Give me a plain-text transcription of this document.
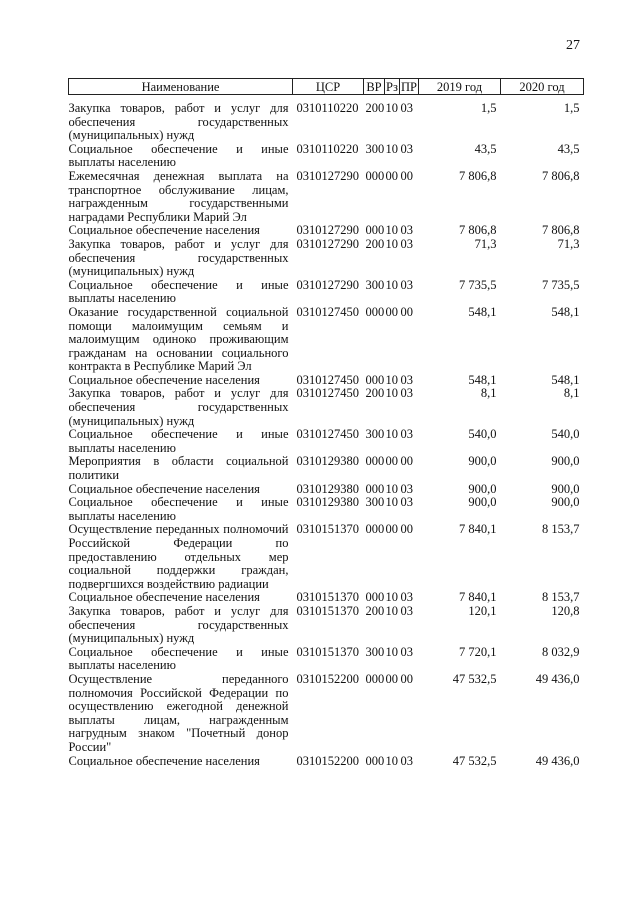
27
Наименование	ЦСР	ВР	Рз	ПР	2019 год	2020 год
Закупка товаров, работ и услуг для обеспечения государственных (муниципальных) нужд	0310110220	200	10	03	1,5	1,5
Социальное обеспечение и иные выплаты населению	0310110220	300	10	03	43,5	43,5
Ежемесячная денежная выплата на транспортное обслуживание лицам, награжденным государственными наградами Республики Марий Эл	0310127290	000	00	00	7 806,8	7 806,8
Социальное обеспечение населения	0310127290	000	10	03	7 806,8	7 806,8
Закупка товаров, работ и услуг для обеспечения государственных (муниципальных) нужд	0310127290	200	10	03	71,3	71,3
Социальное обеспечение и иные выплаты населению	0310127290	300	10	03	7 735,5	7 735,5
Оказание государственной социальной помощи малоимущим семьям и малоимущим одиноко проживающим гражданам на основании социального контракта в Республике Марий Эл	0310127450	000	00	00	548,1	548,1
Социальное обеспечение населения	0310127450	000	10	03	548,1	548,1
Закупка товаров, работ и услуг для обеспечения государственных (муниципальных) нужд	0310127450	200	10	03	8,1	8,1
Социальное обеспечение и иные выплаты населению	0310127450	300	10	03	540,0	540,0
Мероприятия в области социальной политики	0310129380	000	00	00	900,0	900,0
Социальное обеспечение населения	0310129380	000	10	03	900,0	900,0
Социальное обеспечение и иные выплаты населению	0310129380	300	10	03	900,0	900,0
Осуществление переданных полномочий Российской Федерации по предоставлению отдельных мер социальной поддержки граждан, подвергшихся воздействию радиации	0310151370	000	00	00	7 840,1	8 153,7
Социальное обеспечение населения	0310151370	000	10	03	7 840,1	8 153,7
Закупка товаров, работ и услуг для обеспечения государственных (муниципальных) нужд	0310151370	200	10	03	120,1	120,8
Социальное обеспечение и иные выплаты населению	0310151370	300	10	03	7 720,1	8 032,9
Осуществление переданного полномочия Российской Федерации по осуществлению ежегодной денежной выплаты лицам, награжденным нагрудным знаком "Почетный донор России"	0310152200	000	00	00	47 532,5	49 436,0
Социальное обеспечение населения	0310152200	000	10	03	47 532,5	49 436,0
